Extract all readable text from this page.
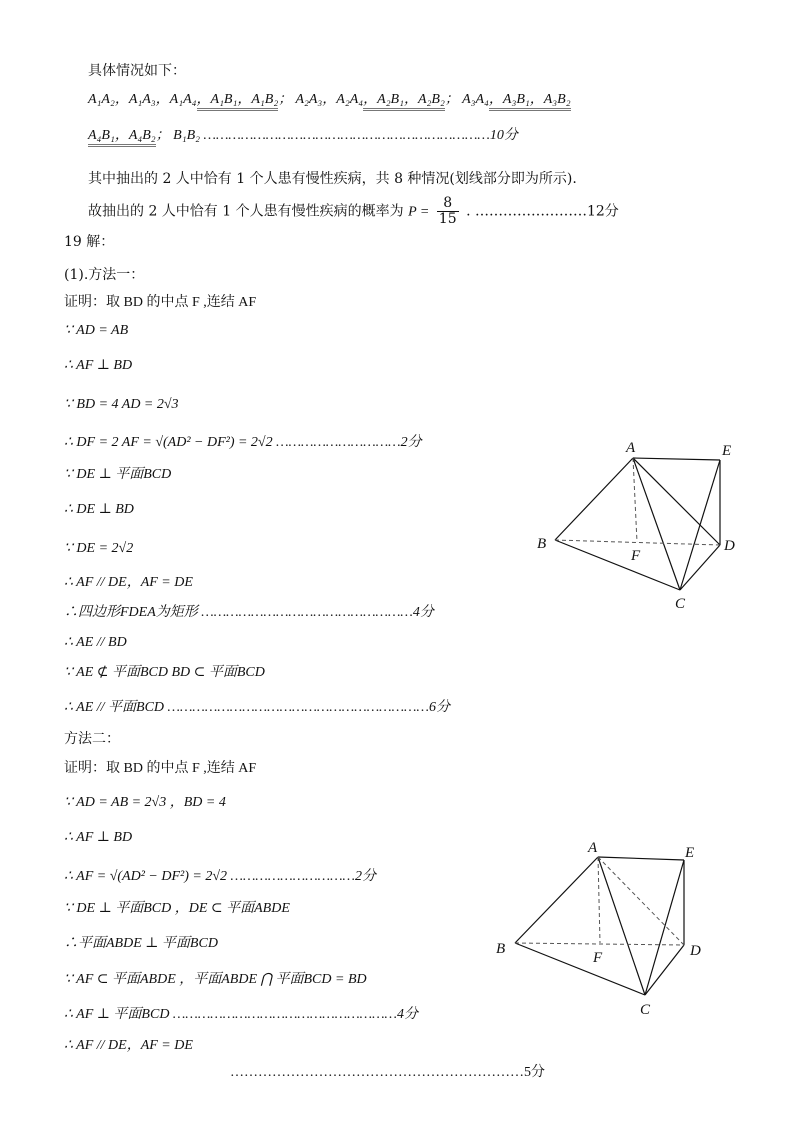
具体情况如下：
A₁A₂，A₁A₃，A₁A₄，A₁B₁，A₁B₂； A₂A₃，A₂A₄，A₂B₁，A₂B₂； A₃A₄，A₃B₁，A₃B₂
A₄B₁，A₄B₂； B₁B₂ ……………………………………………………………10分
其中抽出的 2 人中恰有 1 个人患有慢性疾病，共 8 种情况(划线部分即为所示).
故抽出的 2 人中恰有 1 个人患有慢性疾病的概率为 $P = \frac{8}{15}$ . ……………………12分
19 解：
(1).方法一：
证明：取 BD 的中点 F ,连结 AF
∵ AD = AB
∴ AF ⊥ BD
∵ BD = 4 AD = 2√3
∴ DF = 2 AF = √(AD² − DF²) = 2√2 …………………………2分
∵ DE ⊥ 平面BCD
∴ DE ⊥ BD
∵ DE = 2√2
∴ AF // DE，AF = DE
∴四边形FDEA为矩形 ……………………………………………4分
∴ AE // BD
∵ AE ⊄ 平面BCD BD ⊂ 平面BCD
∴ AE // 平面BCD ………………………………………………………6分
方法二：
证明：取 BD 的中点 F ,连结 AF
∵ AD = AB = 2√3 ，BD = 4
∴ AF ⊥ BD
∴ AF = √(AD² − DF²) = 2√2 …………………………2分
∵ DE ⊥ 平面BCD ，DE ⊂ 平面ABDE
∴平面ABDE ⊥ 平面BCD
∵ AF ⊂ 平面ABDE ，平面ABDE ⋂ 平面BCD = BD
∴ AF ⊥ 平面BCD ………………………………………………4分
∴ AF // DE，AF = DE
………………………………………………………5分
A	E
B
F
D
C
A	E
B
F	D
C
